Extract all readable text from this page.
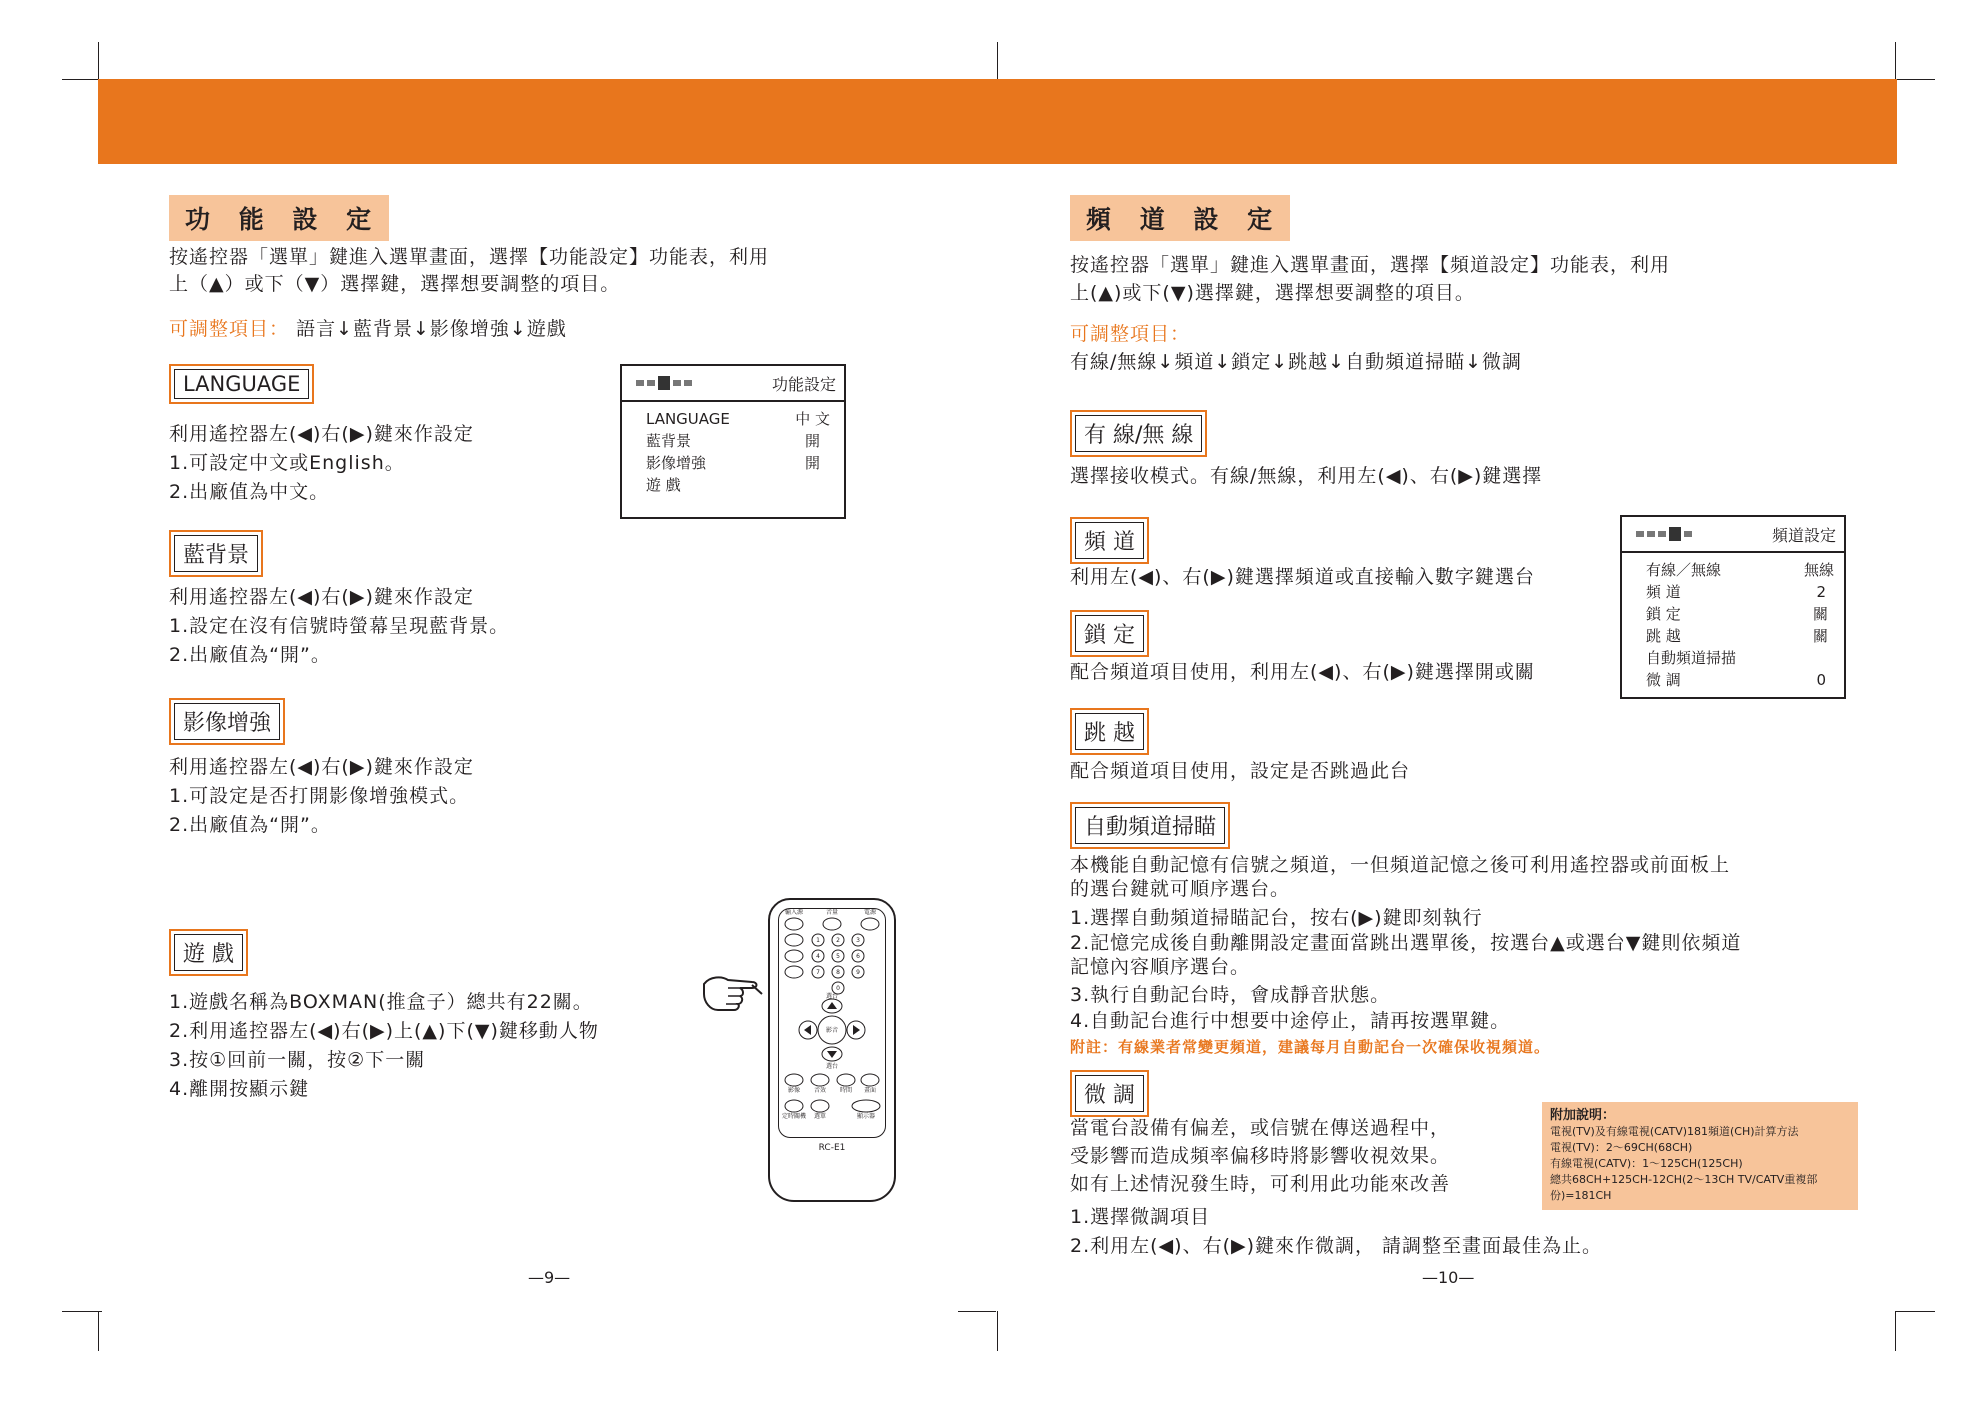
功 能 設 定
按遙控器「選單」鍵進入選單畫面，選擇【功能設定】功能表，利用
上（▲）或下（▼）選擇鍵，選擇想要調整的項目。
可調整項目： 語言↓藍背景↓影像增強↓遊戲
功能設定
LANGUAGE	中 文
藍背景	開
影像增強	開
遊 戲
LANGUAGE
利用遙控器左(◀)右(▶)鍵來作設定
1.可設定中文或English。
2.出廠值為中文。
藍背景
利用遙控器左(◀)右(▶)鍵來作設定
1.設定在沒有信號時螢幕呈現藍背景。
2.出廠值為“開”。
影像增強
利用遙控器左(◀)右(▶)鍵來作設定
1.可設定是否打開影像增強模式。
2.出廠值為“開”。
遊 戲
1.遊戲名稱為BOXMAN(推盒子）總共有22關。
2.利用遙控器左(◀)右(▶)上(▲)下(▼)鍵移動人物
3.按①回前一關，按②下一關
4.離開按顯示鍵
輸入源	音量	電源
1	2	3
4	5	6
7	8	9
0
影音
選台
選台
影像 音效 時間 畫面
定時關機 選單	顯示器
RC-E1
—9—
頻 道 設 定
按遙控器「選單」鍵進入選單畫面，選擇【頻道設定】功能表，利用
上(▲)或下(▼)選擇鍵，選擇想要調整的項目。
可調整項目：
有線/無線↓頻道↓鎖定↓跳越↓自動頻道掃瞄↓微調
有 線/無 線
選擇接收模式。有線/無線，利用左(◀)、右(▶)鍵選擇
頻 道
利用左(◀)、右(▶)鍵選擇頻道或直接輸入數字鍵選台
鎖 定
配合頻道項目使用，利用左(◀)、右(▶)鍵選擇開或關
跳 越
配合頻道項目使用，設定是否跳過此台
頻道設定
有線／無線	無線
頻 道	2
鎖 定	關
跳 越	關
自動頻道掃描
微 調	0
自動頻道掃瞄
本機能自動記憶有信號之頻道，一但頻道記憶之後可利用遙控器或前面板上
的選台鍵就可順序選台。
1.選擇自動頻道掃瞄記台，按右(▶)鍵即刻執行
2.記憶完成後自動離開設定畫面當跳出選單後，按選台▲或選台▼鍵則依頻道
記憶內容順序選台。
3.執行自動記台時，會成靜音狀態。
4.自動記台進行中想要中途停止，請再按選單鍵。
附註：有線業者常變更頻道，建議每月自動記台一次確保收視頻道。
微 調
當電台設備有偏差，或信號在傳送過程中，
受影響而造成頻率偏移時將影響收視效果。
如有上述情況發生時，可利用此功能來改善
1.選擇微調項目
2.利用左(◀)、右(▶)鍵來作微調， 請調整至畫面最佳為止。
附加說明：
電視(TV)及有線電視(CATV)181頻道(CH)計算方法
電視(TV)：2～69CH(68CH)
有線電視(CATV)：1～125CH(125CH)
總共68CH+125CH-12CH(2～13CH TV/CATV重複部份)=181CH
—10—
